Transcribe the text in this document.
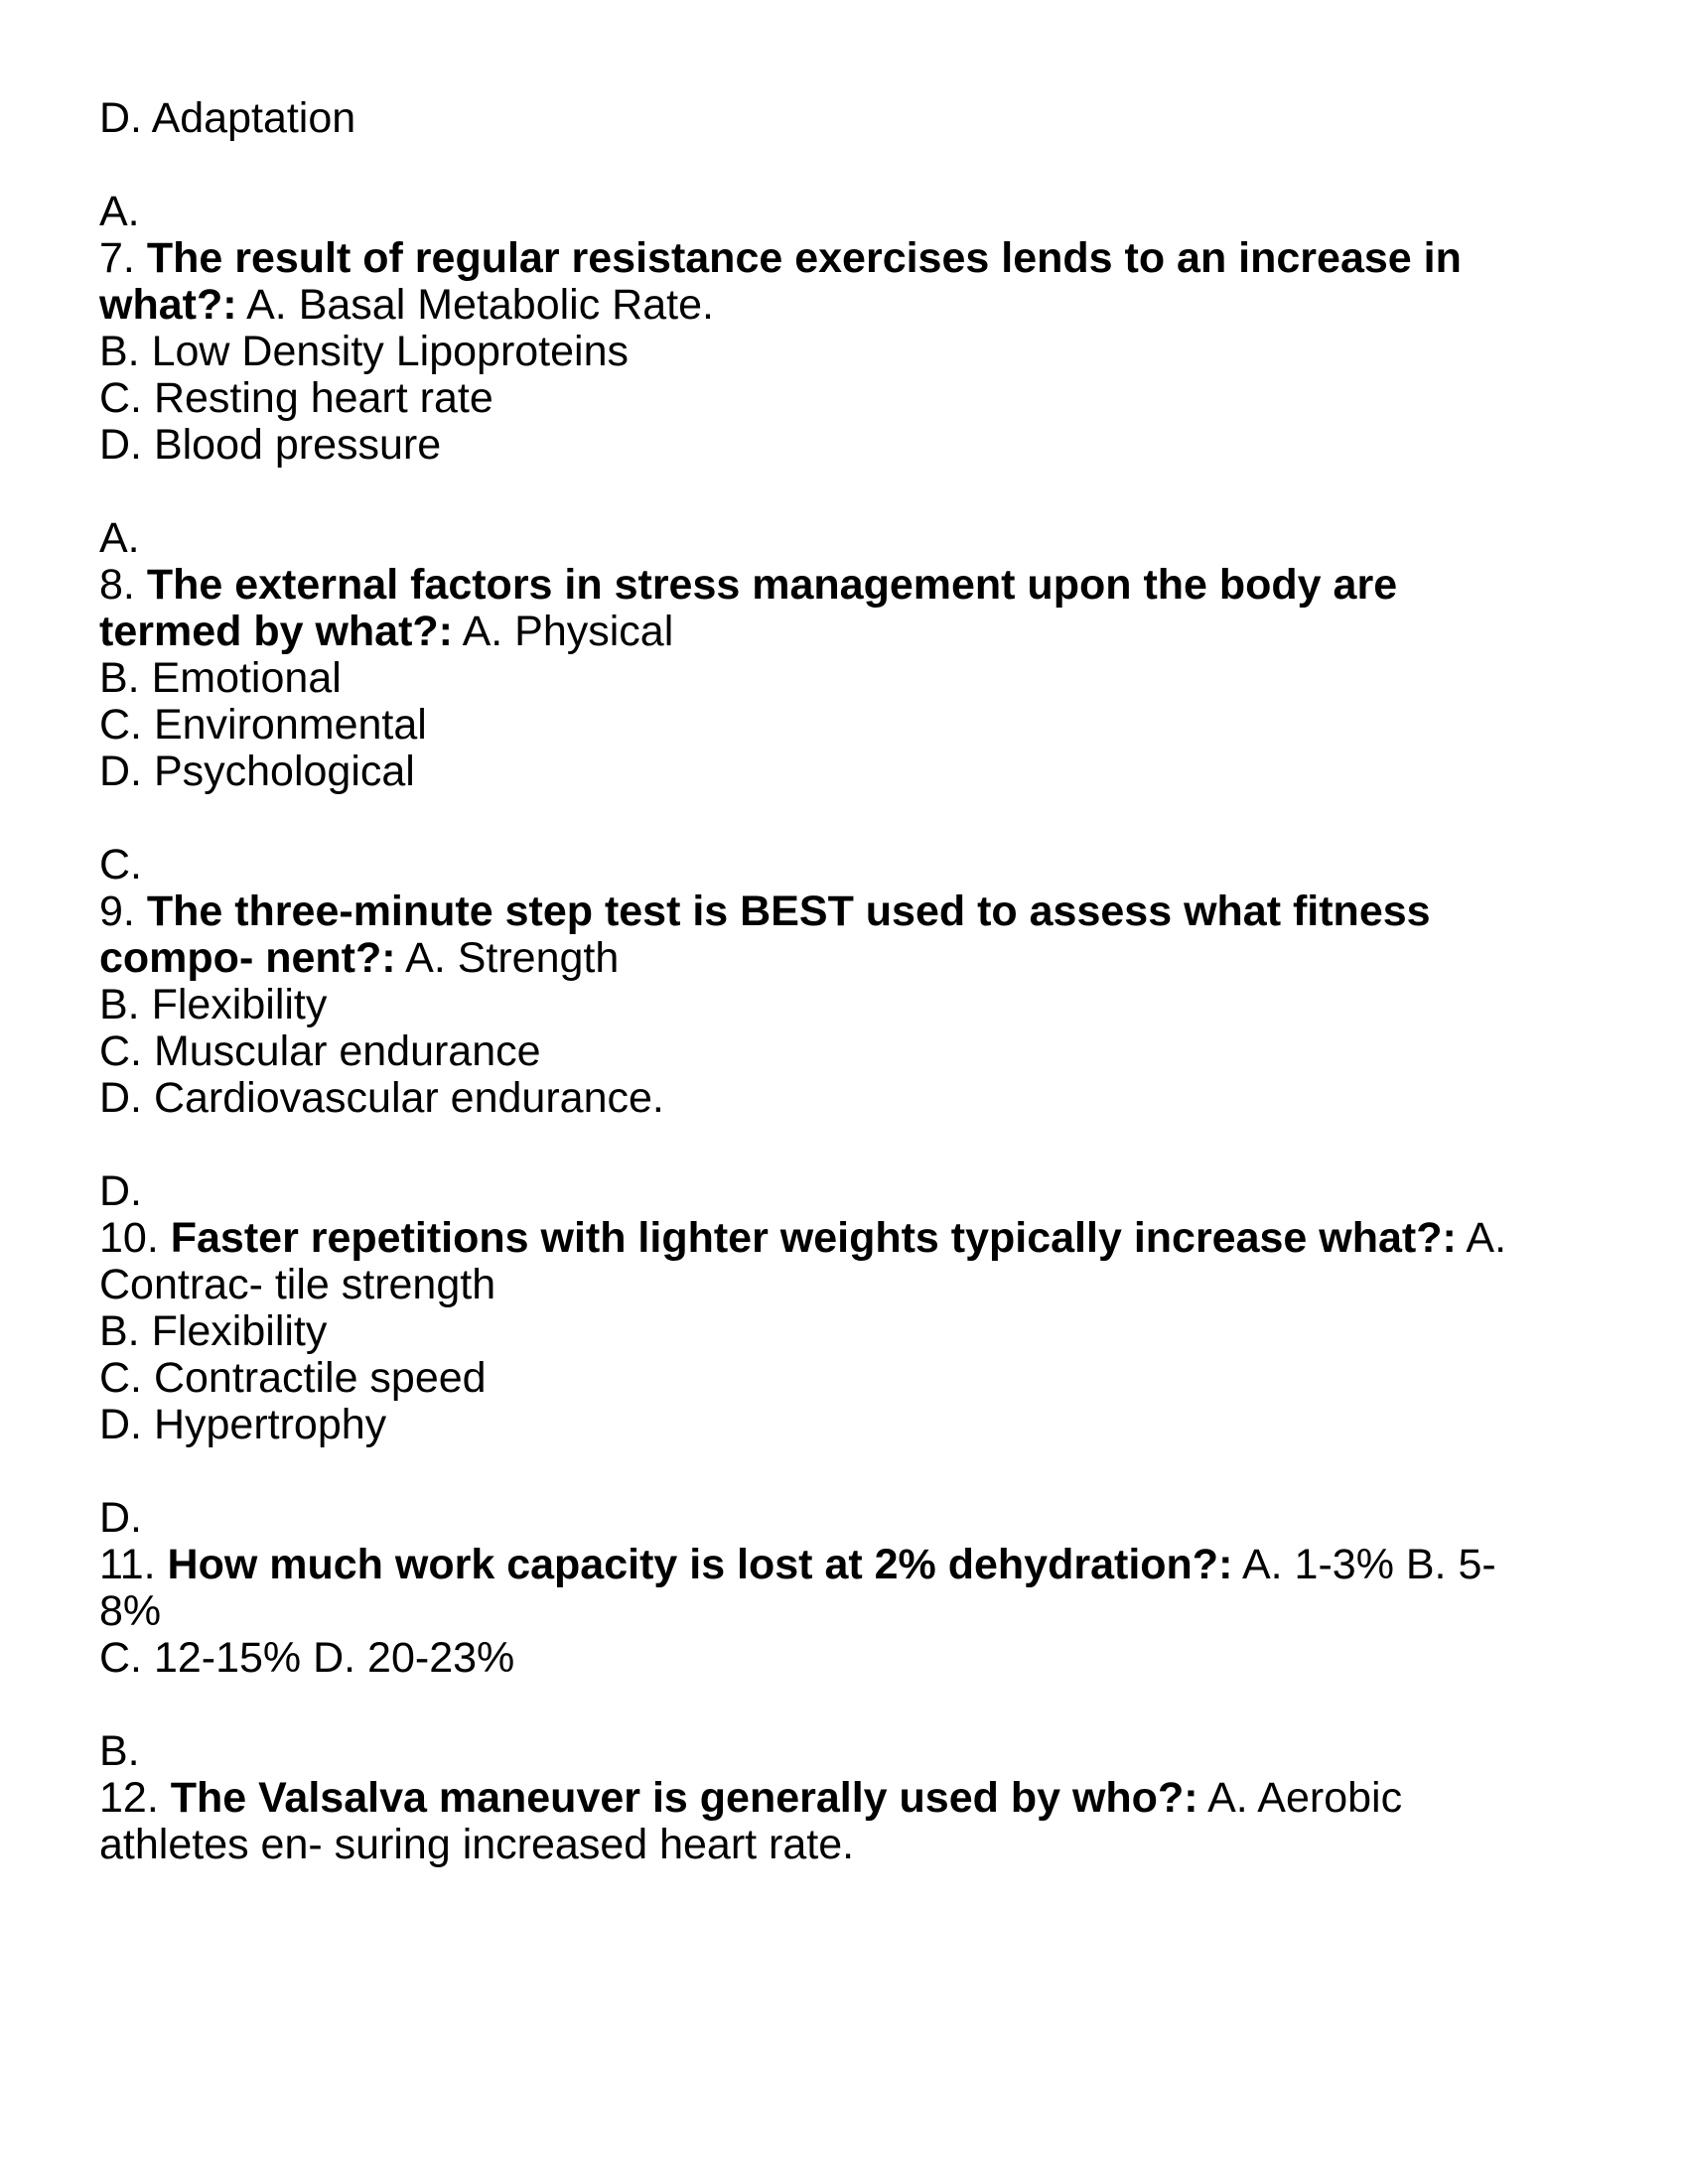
D. Adaptation

A.

7. The result of regular resistance exercises lends to an increase in

what?: A. Basal Metabolic Rate.

B. Low Density Lipoproteins

C. Resting heart rate

D. Blood pressure

A.

8. The external factors in stress management upon the body are

termed by what?: A. Physical

B. Emotional

C. Environmental

D. Psychological

C.

9. The three-minute step test is BEST used to assess what fitness

compo- nent?: A. Strength

B. Flexibility

C. Muscular endurance

D. Cardiovascular endurance.

D.

10. Faster repetitions with lighter weights typically increase what?: A.

Contrac- tile strength

B. Flexibility

C. Contractile speed

D. Hypertrophy

D.

11. How much work capacity is lost at 2% dehydration?: A. 1-3% B. 5-

8%

C. 12-15% D. 20-23%

B.

12. The Valsalva maneuver is generally used by who?: A. Aerobic

athletes en- suring increased heart rate.
